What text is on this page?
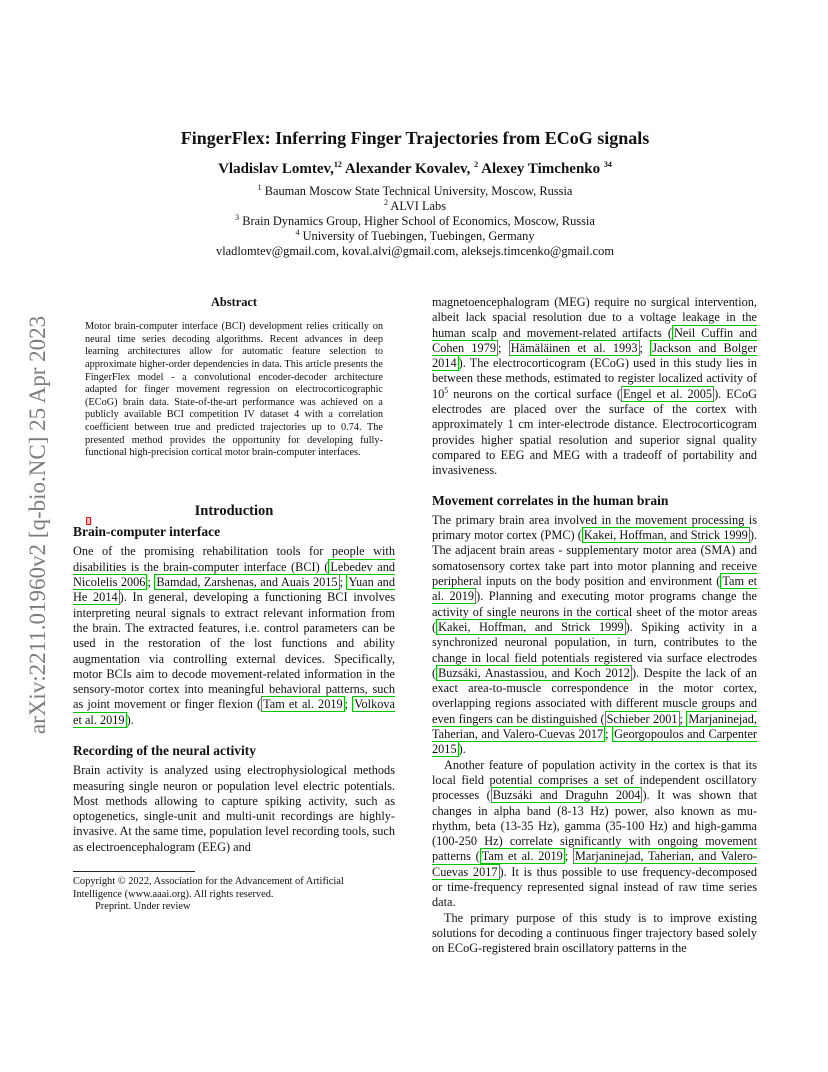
arXiv:2211.01960v2 [q-bio.NC] 25 Apr 2023
FingerFlex: Inferring Finger Trajectories from ECoG signals
Vladislav Lomtev,$^{12}$ Alexander Kovalev, $^2$ Alexey Timchenko $^{34}$
$^1$ Bauman Moscow State Technical University, Moscow, Russia
$^2$ ALVI Labs
$^3$ Brain Dynamics Group, Higher School of Economics, Moscow, Russia
$^4$ University of Tuebingen, Tuebingen, Germany
vladlomtev@gmail.com, koval.alvi@gmail.com, aleksejs.timcenko@gmail.com
Abstract
Motor brain-computer interface (BCI) development relies critically on neural time series decoding algorithms. Recent advances in deep learning architectures allow for automatic feature selection to approximate higher-order dependencies in data. This article presents the FingerFlex model - a convolutional encoder-decoder architecture adapted for finger movement regression on electrocorticographic (ECoG) brain data. State-of-the-art performance was achieved on a publicly available BCI competition IV dataset 4 with a correlation coefficient between true and predicted trajectories up to 0.74. The presented method provides the opportunity for developing fully-functional high-precision cortical motor brain-computer interfaces.
Introduction
Brain-computer interface

One of the promising rehabilitation tools for people with disabilities is the brain-computer interface (BCI) ( Lebedev and Nicolelis 2006 ; Bamdad, Zarshenas, and Auais 2015 ; Yuan and He 2014 ). In general, developing a functioning BCI involves interpreting neural signals to extract relevant information from the brain. The extracted features, i.e. control parameters can be used in the restoration of the lost functions and ability augmentation via controlling external devices. Specifically, motor BCIs aim to decode movement-related information in the sensory-motor cortex into meaningful behavioral patterns, such as joint movement or finger flexion ( Tam et al. 2019 ; Volkova et al. 2019 ).

Recording of the neural activity

Brain activity is analyzed using electrophysiological methods measuring single neuron or population level electric potentials. Most methods allowing to capture spiking activity, such as optogenetics, single-unit and multi-unit recordings are highly-invasive. At the same time, population level recording tools, such as electroencephalogram (EEG) and

Copyright © 2022, Association for the Advancement of Artificial Intelligence (www.aaai.org). All rights reserved.
Preprint. Under review

magnetoencephalogram (MEG) require no surgical intervention, albeit lack spacial resolution due to a voltage leakage in the human scalp and movement-related artifacts ( Neil Cuffin and Cohen 1979 ; Hämäläinen et al. 1993 ; Jackson and Bolger 2014 ). The electrocorticogram (ECoG) used in this study lies in between these methods, estimated to register localized activity of $10^5$ neurons on the cortical surface ( Engel et al. 2005 ). ECoG electrodes are placed over the surface of the cortex with approximately 1 cm inter-electrode distance. Electrocorticogram provides higher spatial resolution and superior signal quality compared to EEG and MEG with a tradeoff of portability and invasiveness.

Movement correlates in the human brain

The primary brain area involved in the movement processing is primary motor cortex (PMC) ( Kakei, Hoffman, and Strick 1999 ). The adjacent brain areas - supplementary motor area (SMA) and somatosensory cortex take part into motor planning and receive peripheral inputs on the body position and environment ( Tam et al. 2019 ). Planning and executing motor programs change the activity of single neurons in the cortical sheet of the motor areas ( Kakei, Hoffman, and Strick 1999 ). Spiking activity in a synchronized neuronal population, in turn, contributes to the change in local field potentials registered via surface electrodes ( Buzsáki, Anastassiou, and Koch 2012 ). Despite the lack of an exact area-to-muscle correspondence in the motor cortex, overlapping regions associated with different muscle groups and even fingers can be distinguished ( Schieber 2001 ; Marjaninejad, Taherian, and Valero-Cuevas 2017 ; Georgopoulos and Carpenter 2015 ).

Another feature of population activity in the cortex is that its local field potential comprises a set of independent oscillatory processes ( Buzsáki and Draguhn 2004 ). It was shown that changes in alpha band (8-13 Hz) power, also known as mu-rhythm, beta (13-35 Hz), gamma (35-100 Hz) and high-gamma (100-250 Hz) correlate significantly with ongoing movement patterns ( Tam et al. 2019 ; Marjaninejad, Taherian, and Valero-Cuevas 2017 ). It is thus possible to use frequency-decomposed or time-frequency represented signal instead of raw time series data.

The primary purpose of this study is to improve existing solutions for decoding a continuous finger trajectory based solely on ECoG-registered brain oscillatory patterns in the
